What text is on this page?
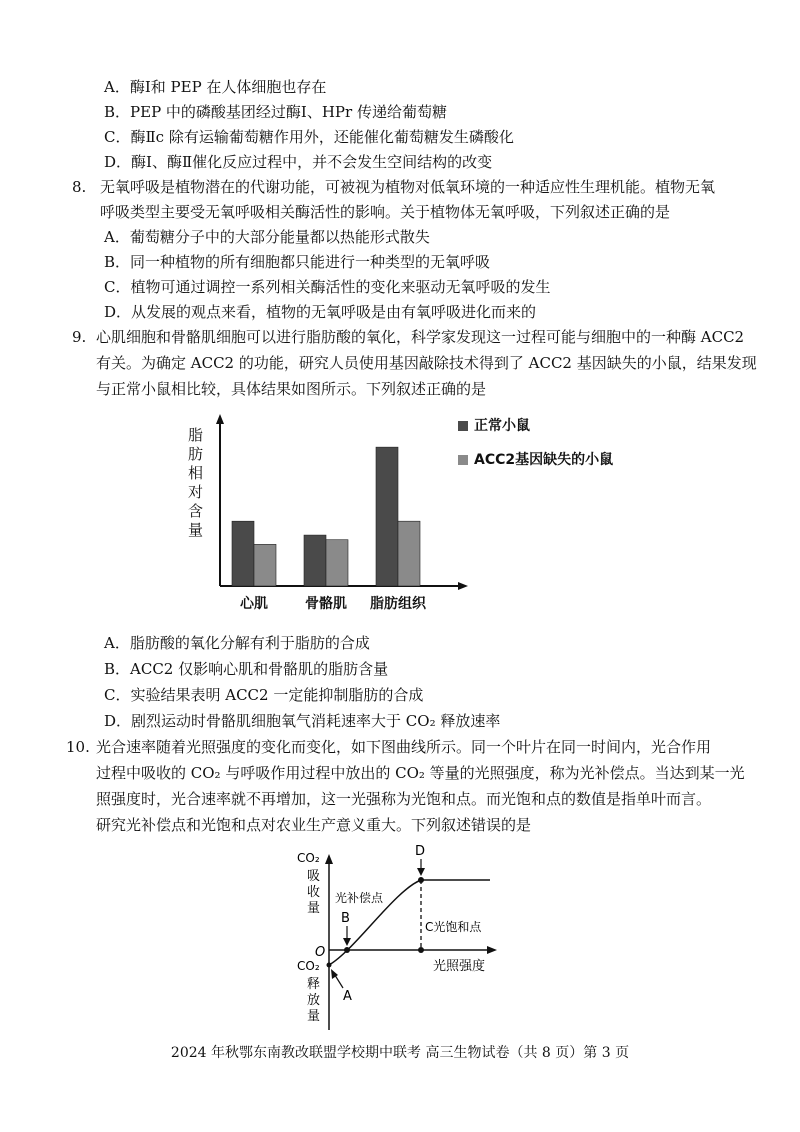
A．酶Ⅰ和 PEP 在人体细胞也存在
B．PEP 中的磷酸基团经过酶Ⅰ、HPr 传递给葡萄糖
C．酶Ⅱc 除有运输葡萄糖作用外，还能催化葡萄糖发生磷酸化
D．酶Ⅰ、酶Ⅱ催化反应过程中，并不会发生空间结构的改变
8. 无氧呼吸是植物潜在的代谢功能，可被视为植物对低氧环境的一种适应性生理机能。植物无氧
呼吸类型主要受无氧呼吸相关酶活性的影响。关于植物体无氧呼吸，下列叙述正确的是
A．葡萄糖分子中的大部分能量都以热能形式散失
B．同一种植物的所有细胞都只能进行一种类型的无氧呼吸
C．植物可通过调控一系列相关酶活性的变化来驱动无氧呼吸的发生
D．从发展的观点来看，植物的无氧呼吸是由有氧呼吸进化而来的
9. 心肌细胞和骨骼肌细胞可以进行脂肪酸的氧化，科学家发现这一过程可能与细胞中的一种酶 ACC2
有关。为确定 ACC2 的功能，研究人员使用基因敲除技术得到了 ACC2 基因缺失的小鼠，结果发现
与正常小鼠相比较，具体结果如图所示。下列叙述正确的是
脂
肪
相
对
含
量
心肌	骨骼肌 脂肪组织
正常小鼠
ACC2基因缺失的小鼠
A．脂肪酸的氧化分解有利于脂肪的合成
B．ACC2 仅影响心肌和骨骼肌的脂肪含量
C．实验结果表明 ACC2 一定能抑制脂肪的合成
D．剧烈运动时骨骼肌细胞氧气消耗速率大于 CO₂ 释放速率
10. 光合速率随着光照强度的变化而变化，如下图曲线所示。同一个叶片在同一时间内，光合作用
过程中吸收的 CO₂ 与呼吸作用过程中放出的 CO₂ 等量的光照强度，称为光补偿点。当达到某一光
照强度时，光合速率就不再增加，这一光强称为光饱和点。而光饱和点的数值是指单叶而言。
研究光补偿点和光饱和点对农业生产意义重大。下列叙述错误的是
CO₂
吸
收
量
O
CO₂
释
放
量
D
光补偿点
B
C光饱和点
光照强度
A
2024 年秋鄂东南教改联盟学校期中联考 高三生物试卷（共 8 页）第 3 页
